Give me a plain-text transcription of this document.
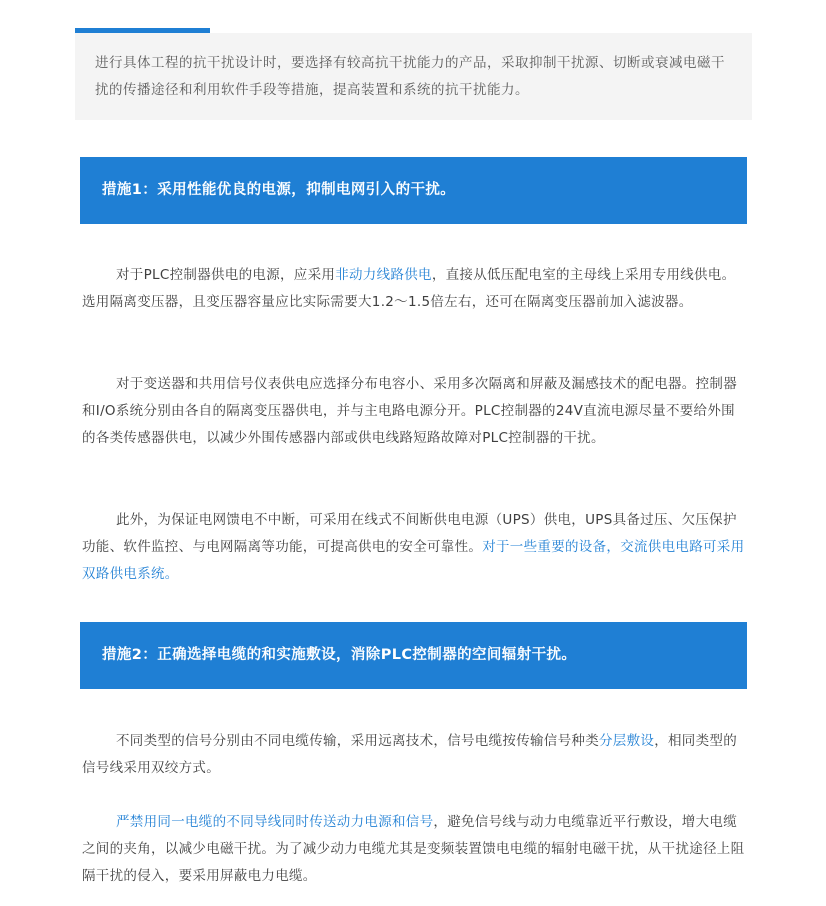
进行具体工程的抗干扰设计时，要选择有较高抗干扰能力的产品，采取抑制干扰源、切断或衰减电磁干扰的传播途径和利用软件手段等措施，提高装置和系统的抗干扰能力。
措施1：采用性能优良的电源，抑制电网引入的干扰。
对于PLC控制器供电的电源，应采用非动力线路供电，直接从低压配电室的主母线上采用专用线供电。选用隔离变压器，且变压器容量应比实际需要大1.2～1.5倍左右，还可在隔离变压器前加入滤波器。
对于变送器和共用信号仪表供电应选择分布电容小、采用多次隔离和屏蔽及漏感技术的配电器。控制器和I/O系统分别由各自的隔离变压器供电，并与主电路电源分开。PLC控制器的24V直流电源尽量不要给外围的各类传感器供电，以减少外围传感器内部或供电线路短路故障对PLC控制器的干扰。
此外，为保证电网馈电不中断，可采用在线式不间断供电电源（UPS）供电，UPS具备过压、欠压保护功能、软件监控、与电网隔离等功能，可提高供电的安全可靠性。对于一些重要的设备，交流供电电路可采用双路供电系统。
措施2：正确选择电缆的和实施敷设，消除PLC控制器的空间辐射干扰。
不同类型的信号分别由不同电缆传输，采用远离技术，信号电缆按传输信号种类分层敷设，相同类型的信号线采用双绞方式。
严禁用同一电缆的不同导线同时传送动力电源和信号，避免信号线与动力电缆靠近平行敷设，增大电缆之间的夹角，以减少电磁干扰。为了减少动力电缆尤其是变频装置馈电电缆的辐射电磁干扰，从干扰途径上阻隔干扰的侵入，要采用屏蔽电力电缆。
